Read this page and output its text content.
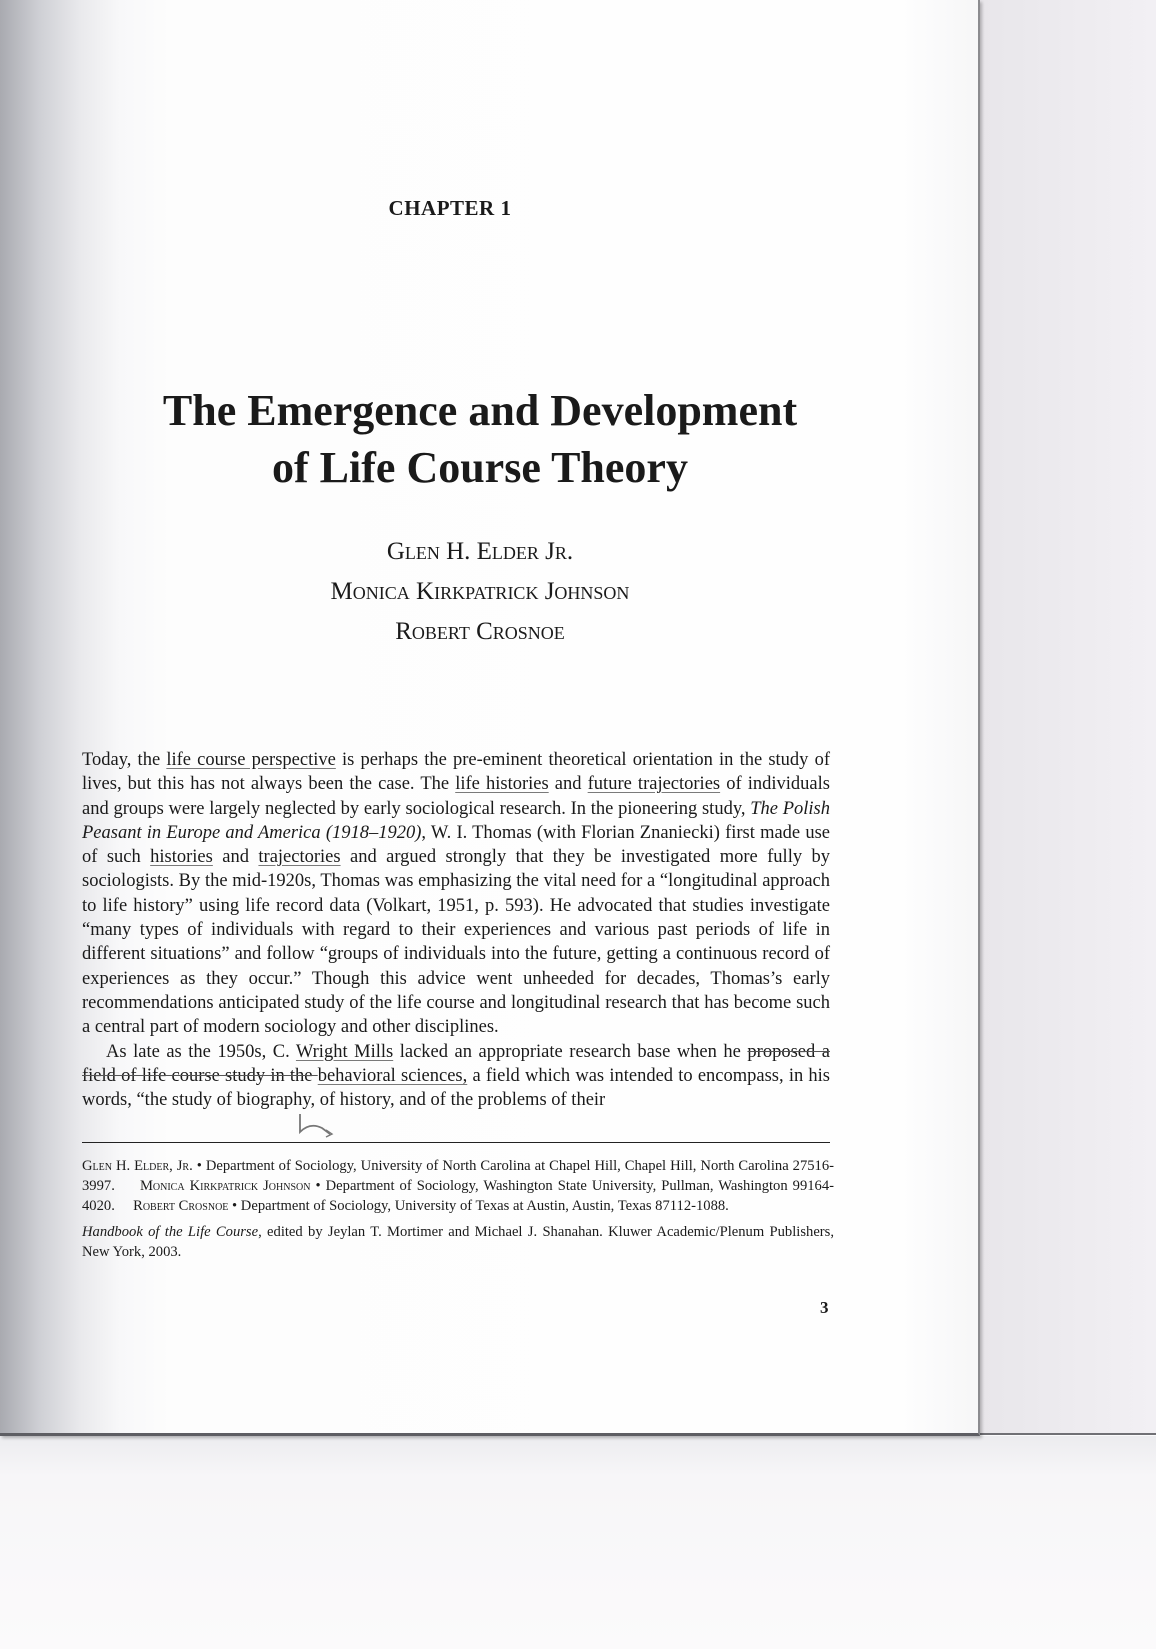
CHAPTER 1
The Emergence and Development
of Life Course Theory
Glen H. Elder Jr.
Monica Kirkpatrick Johnson
Robert Crosnoe

Today, the life course perspective is perhaps the pre-eminent theoretical orientation in the study of lives, but this has not always been the case. The life histories and future trajectories of individuals and groups were largely neglected by early sociological research. In the pioneering study, The Polish Peasant in Europe and America (1918–1920), W. I. Thomas (with Florian Znaniecki) first made use of such histories and trajectories and argued strongly that they be investigated more fully by sociologists. By the mid-1920s, Thomas was emphasizing the vital need for a “longitudinal approach to life history” using life record data (Volkart, 1951, p. 593). He advocated that studies investigate “many types of individuals with regard to their experiences and various past periods of life in different situations” and follow “groups of individuals into the future, getting a continuous record of experiences as they occur.” Though this advice went unheeded for decades, Thomas’s early recommendations anticipated study of the life course and longitudinal research that has become such a central part of modern sociology and other disciplines.

As late as the 1950s, C. Wright Mills lacked an appropriate research base when he proposed a field of life course study in the behavioral sciences, a field which was intended to encompass, in his words, “the study of biography, of history, and of the problems of their

Glen H. Elder, Jr. • Department of Sociology, University of North Carolina at Chapel Hill, Chapel Hill, North Carolina 27516-3997. Monica Kirkpatrick Johnson • Department of Sociology, Washington State University, Pullman, Washington 99164-4020. Robert Crosnoe • Department of Sociology, University of Texas at Austin, Austin, Texas 87112-1088.

Handbook of the Life Course, edited by Jeylan T. Mortimer and Michael J. Shanahan. Kluwer Academic/Plenum Publishers, New York, 2003.

3
